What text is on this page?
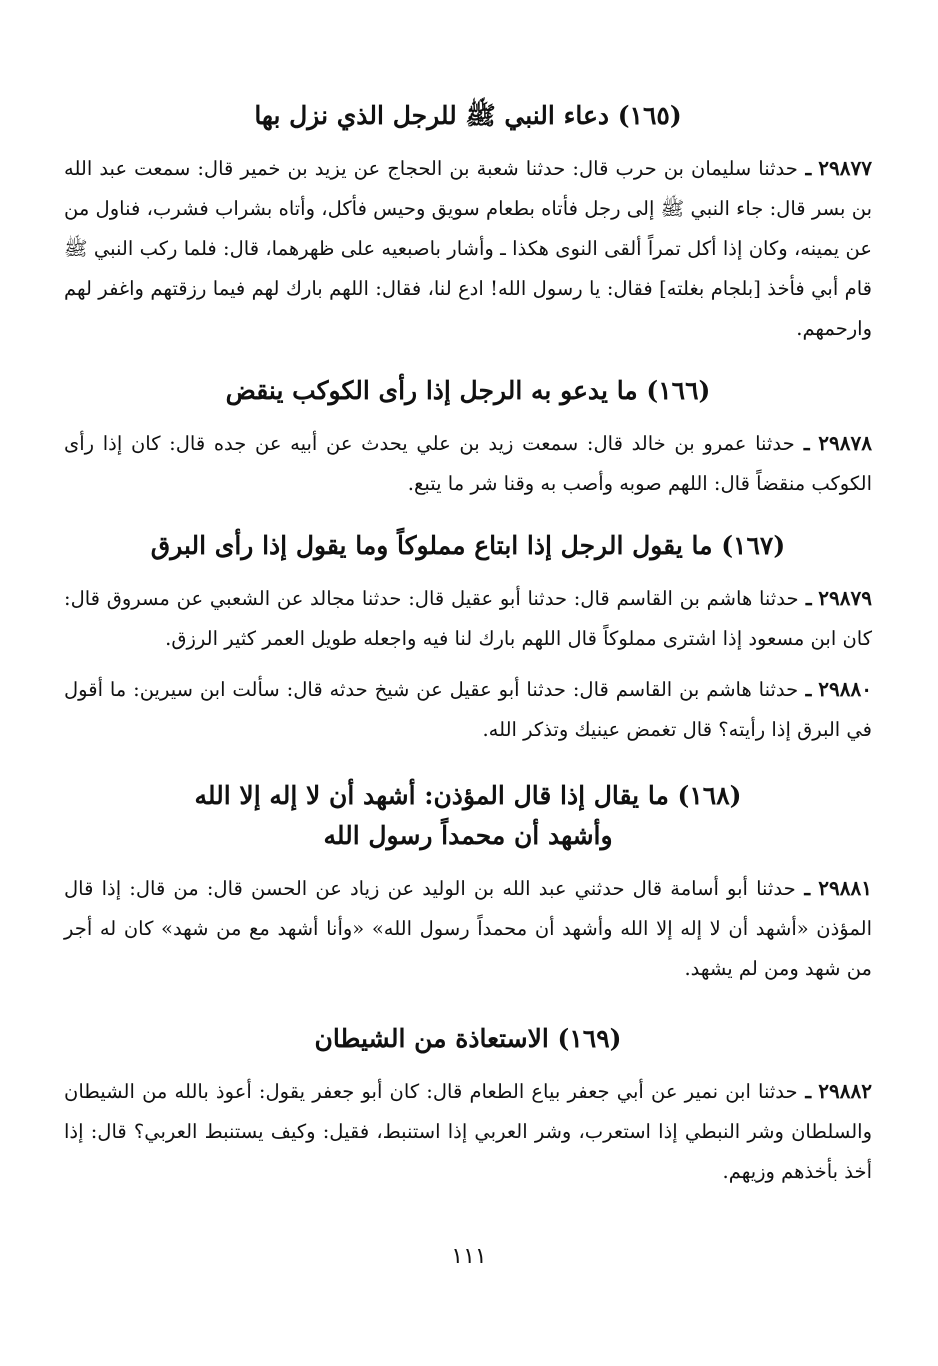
(١٦٥) دعاء النبي ﷺ للرجل الذي نزل بها

٢٩٨٧٧ ـ حدثنا سليمان بن حرب قال: حدثنا شعبة بن الحجاج عن يزيد بن خمير قال: سمعت عبد الله بن بسر قال: جاء النبي ﷺ إلى رجل فأتاه بطعام سويق وحيس فأكل، وأتاه بشراب فشرب، فناول من عن يمينه، وكان إذا أكل تمراً ألقى النوى هكذا ـ وأشار باصبعيه على ظهرهما، قال: فلما ركب النبي ﷺ قام أبي فأخذ [بلجام بغلته] فقال: يا رسول الله! ادع لنا، فقال: اللهم بارك لهم فيما رزقتهم واغفر لهم وارحمهم.

(١٦٦) ما يدعو به الرجل إذا رأى الكوكب ينقض

٢٩٨٧٨ ـ حدثنا عمرو بن خالد قال: سمعت زيد بن علي يحدث عن أبيه عن جده قال: كان إذا رأى الكوكب منقضاً قال: اللهم صوبه وأصب به وقنا شر ما يتبع.

(١٦٧) ما يقول الرجل إذا ابتاع مملوكاً وما يقول إذا رأى البرق

٢٩٨٧٩ ـ حدثنا هاشم بن القاسم قال: حدثنا أبو عقيل قال: حدثنا مجالد عن الشعبي عن مسروق قال: كان ابن مسعود إذا اشترى مملوكاً قال اللهم بارك لنا فيه واجعله طويل العمر كثير الرزق.

٢٩٨٨٠ ـ حدثنا هاشم بن القاسم قال: حدثنا أبو عقيل عن شيخ حدثه قال: سألت ابن سيرين: ما أقول في البرق إذا رأيته؟ قال تغمض عينيك وتذكر الله.

(١٦٨) ما يقال إذا قال المؤذن: أشهد أن لا إله إلا الله
وأشهد أن محمداً رسول الله

٢٩٨٨١ ـ حدثنا أبو أسامة قال حدثني عبد الله بن الوليد عن زياد عن الحسن قال: من قال: إذا قال المؤذن «أشهد أن لا إله إلا الله وأشهد أن محمداً رسول الله» «وأنا أشهد مع من شهد» كان له أجر من شهد ومن لم يشهد.

(١٦٩) الاستعاذة من الشيطان

٢٩٨٨٢ ـ حدثنا ابن نمير عن أبي جعفر بياع الطعام قال: كان أبو جعفر يقول: أعوذ بالله من الشيطان والسلطان وشر النبطي إذا استعرب، وشر العربي إذا استنبط، فقيل: وكيف يستنبط العربي؟ قال: إذا أخذ بأخذهم وزيهم.

١١١
